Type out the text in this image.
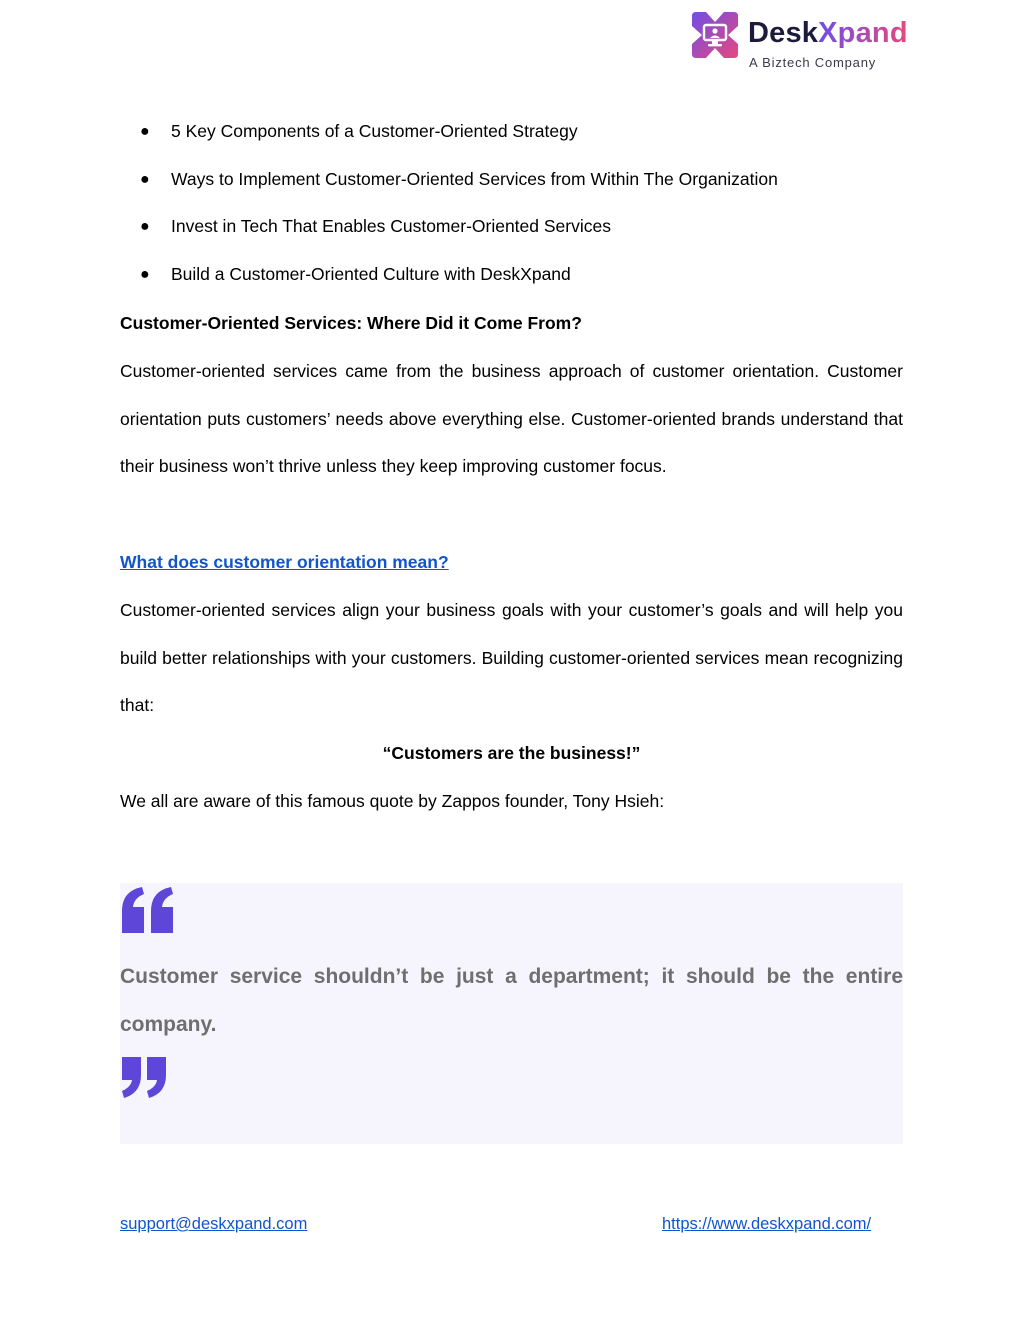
DeskXpand
A Biztech Company
● 5 Key Components of a Customer-Oriented Strategy
● Ways to Implement Customer-Oriented Services from Within The Organization
● Invest in Tech That Enables Customer-Oriented Services
● Build a Customer-Oriented Culture with DeskXpand

Customer-Oriented Services: Where Did it Come From?

Customer-oriented services came from the business approach of customer orientation. Customer orientation puts customers’ needs above everything else. Customer-oriented brands understand that their business won’t thrive unless they keep improving customer focus.

What does customer orientation mean?

Customer-oriented services align your business goals with your customer’s goals and will help you build better relationships with your customers. Building customer-oriented services mean recognizing that:

“Customers are the business!”

We all are aware of this famous quote by Zappos founder, Tony Hsieh:

Customer service shouldn’t be just a department; it should be the entire company.

support@deskxpand.com	https://www.deskxpand.com/
